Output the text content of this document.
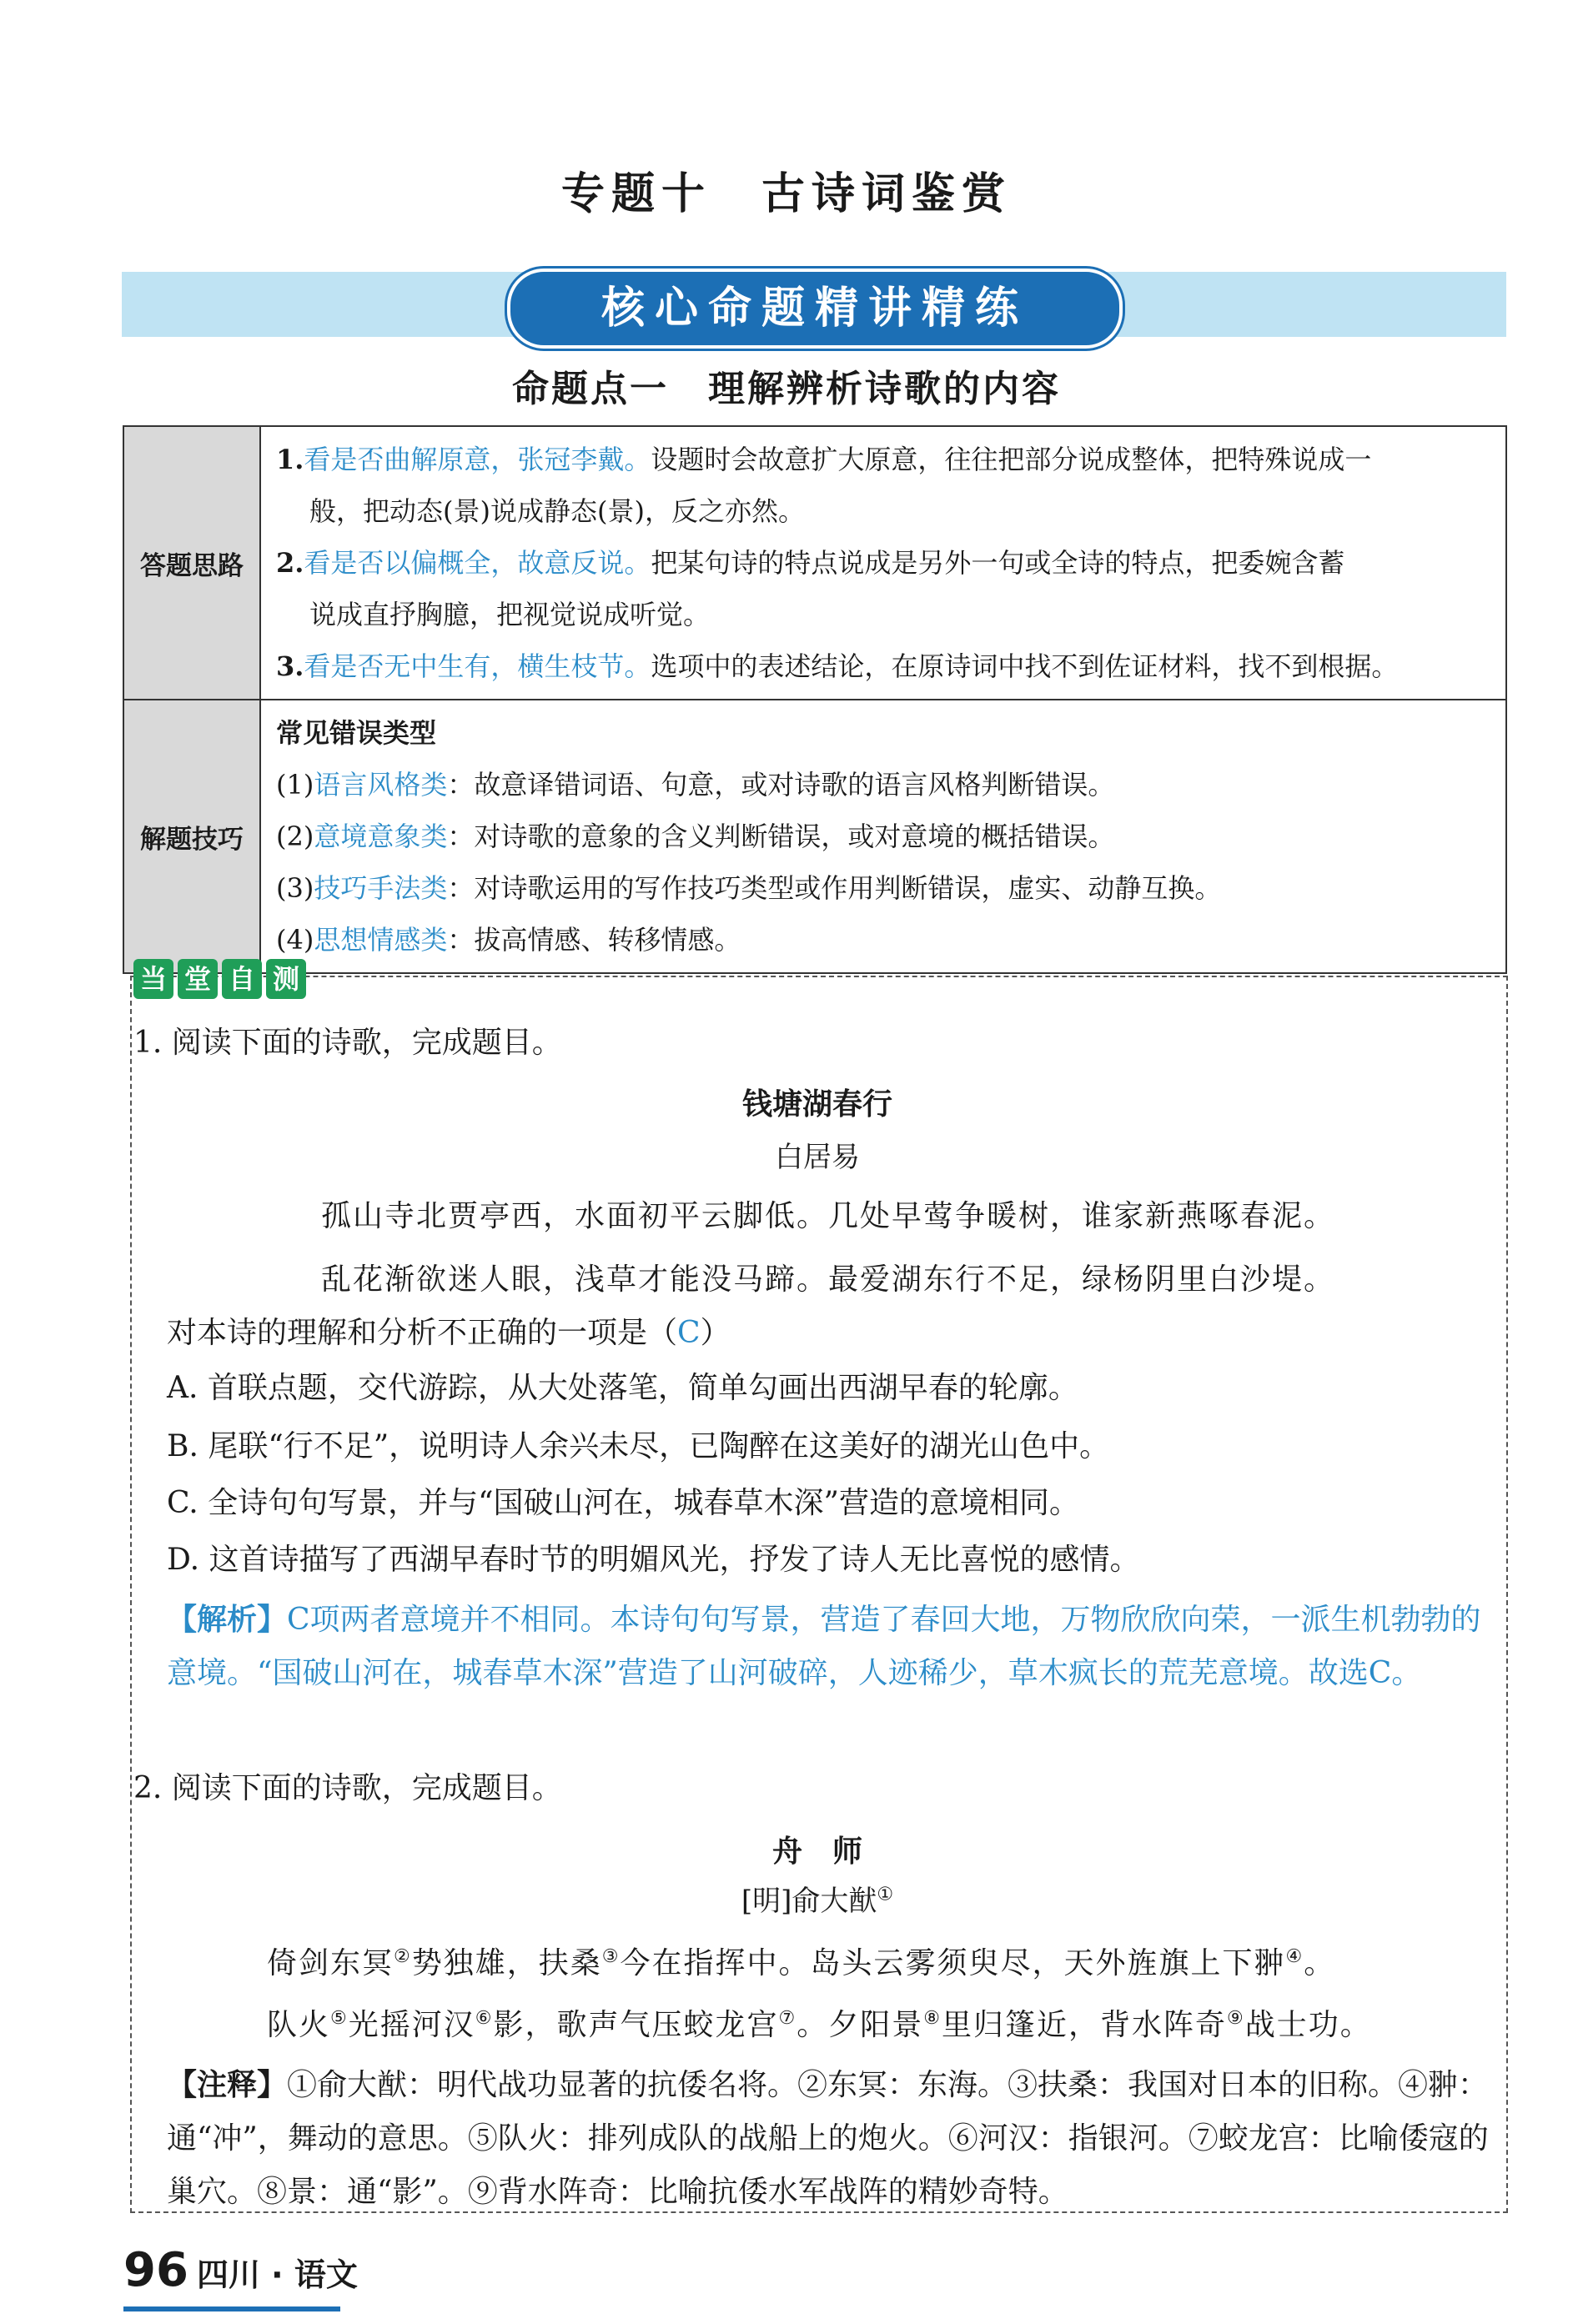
专题十　古诗词鉴赏
核心命题精讲精练
命题点一　理解辨析诗歌的内容
答题思路	1.看是否曲解原意，张冠李戴。设题时会故意扩大原意，往往把部分说成整体，把特殊说成一
般，把动态(景)说成静态(景)，反之亦然。
2.看是否以偏概全，故意反说。把某句诗的特点说成是另外一句或全诗的特点，把委婉含蓄
说成直抒胸臆，把视觉说成听觉。
3.看是否无中生有，横生枝节。选项中的表述结论，在原诗词中找不到佐证材料，找不到根据。

解题技巧	常见错误类型
(1)语言风格类：故意译错词语、句意，或对诗歌的语言风格判断错误。
(2)意境意象类：对诗歌的意象的含义判断错误，或对意境的概括错误。
(3)技巧手法类：对诗歌运用的写作技巧类型或作用判断错误，虚实、动静互换。
(4)思想情感类：拔高情感、转移情感。
当 堂 自 测
1. 阅读下面的诗歌，完成题目。
钱塘湖春行
白居易
孤山寺北贾亭西，水面初平云脚低。几处早莺争暖树，谁家新燕啄春泥。
乱花渐欲迷人眼，浅草才能没马蹄。最爱湖东行不足，绿杨阴里白沙堤。
对本诗的理解和分析不正确的一项是（C）
A. 首联点题，交代游踪，从大处落笔，简单勾画出西湖早春的轮廓。
B. 尾联“行不足”，说明诗人余兴未尽，已陶醉在这美好的湖光山色中。
C. 全诗句句写景，并与“国破山河在，城春草木深”营造的意境相同。
D. 这首诗描写了西湖早春时节的明媚风光，抒发了诗人无比喜悦的感情。
【解析】C项两者意境并不相同。本诗句句写景，营造了春回大地，万物欣欣向荣，一派生机勃勃的意境。“国破山河在，城春草木深”营造了山河破碎，人迹稀少，草木疯长的荒芜意境。故选C。
2. 阅读下面的诗歌，完成题目。
舟　师
[明]俞大猷①
倚剑东冥②势独雄，扶桑③今在指挥中。岛头云雾须臾尽，天外旌旗上下翀④。
队火⑤光摇河汉⑥影，歌声气压蛟龙宫⑦。夕阳景⑧里归篷近，背水阵奇⑨战士功。
【注释】①俞大猷：明代战功显著的抗倭名将。②东冥：东海。③扶桑：我国对日本的旧称。④翀：通“冲”，舞动的意思。⑤队火：排列成队的战船上的炮火。⑥河汉：指银河。⑦蛟龙宫：比喻倭寇的巢穴。⑧景：通“影”。⑨背水阵奇：比喻抗倭水军战阵的精妙奇特。
96 四川 · 语文
